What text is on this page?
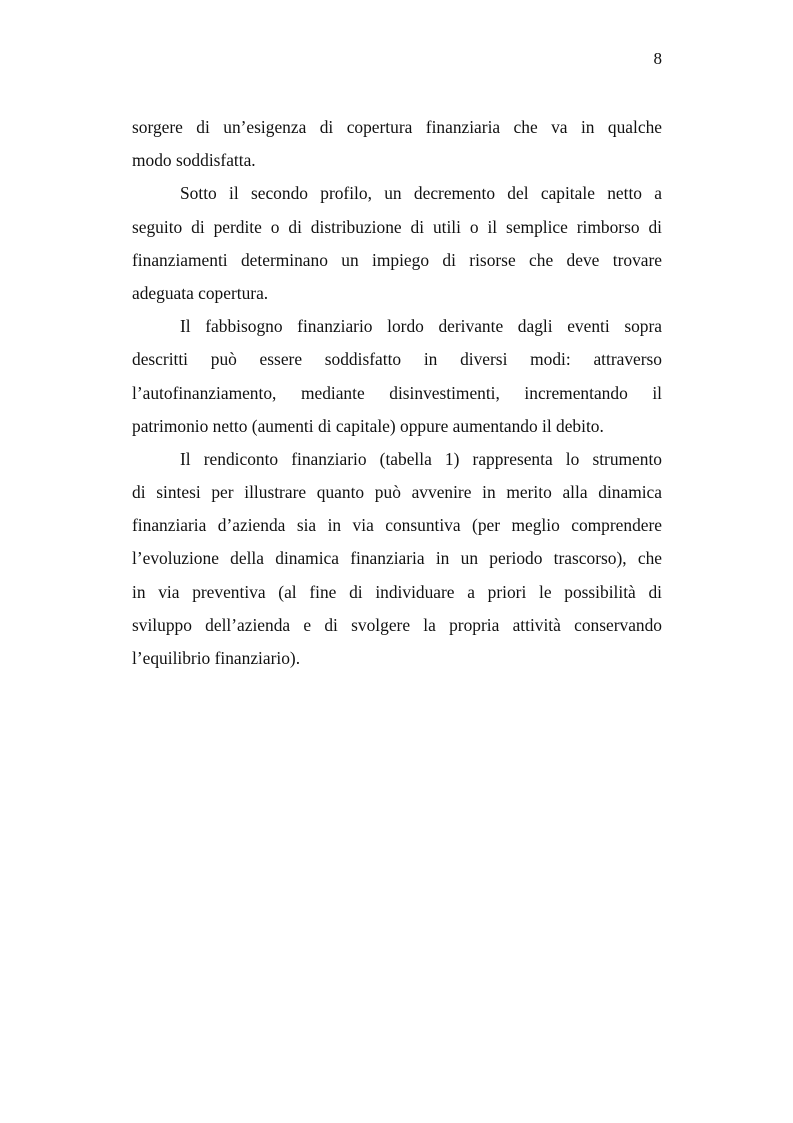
8
sorgere di un’esigenza di copertura finanziaria che va in qualche
modo soddisfatta.
Sotto il secondo profilo, un decremento del capitale netto a
seguito di perdite o di distribuzione di utili o il semplice rimborso di
finanziamenti determinano un impiego di risorse che deve trovare
adeguata copertura.
Il fabbisogno finanziario lordo derivante dagli eventi sopra
descritti può essere soddisfatto in diversi modi: attraverso
l’autofinanziamento, mediante disinvestimenti, incrementando il
patrimonio netto (aumenti di capitale) oppure aumentando il debito.
Il rendiconto finanziario (tabella 1) rappresenta lo strumento
di sintesi per illustrare quanto può avvenire in merito alla dinamica
finanziaria d’azienda sia in via consuntiva (per meglio comprendere
l’evoluzione della dinamica finanziaria in un periodo trascorso), che
in via preventiva (al fine di individuare a priori le possibilità di
sviluppo dell’azienda e di svolgere la propria attività conservando
l’equilibrio finanziario).
